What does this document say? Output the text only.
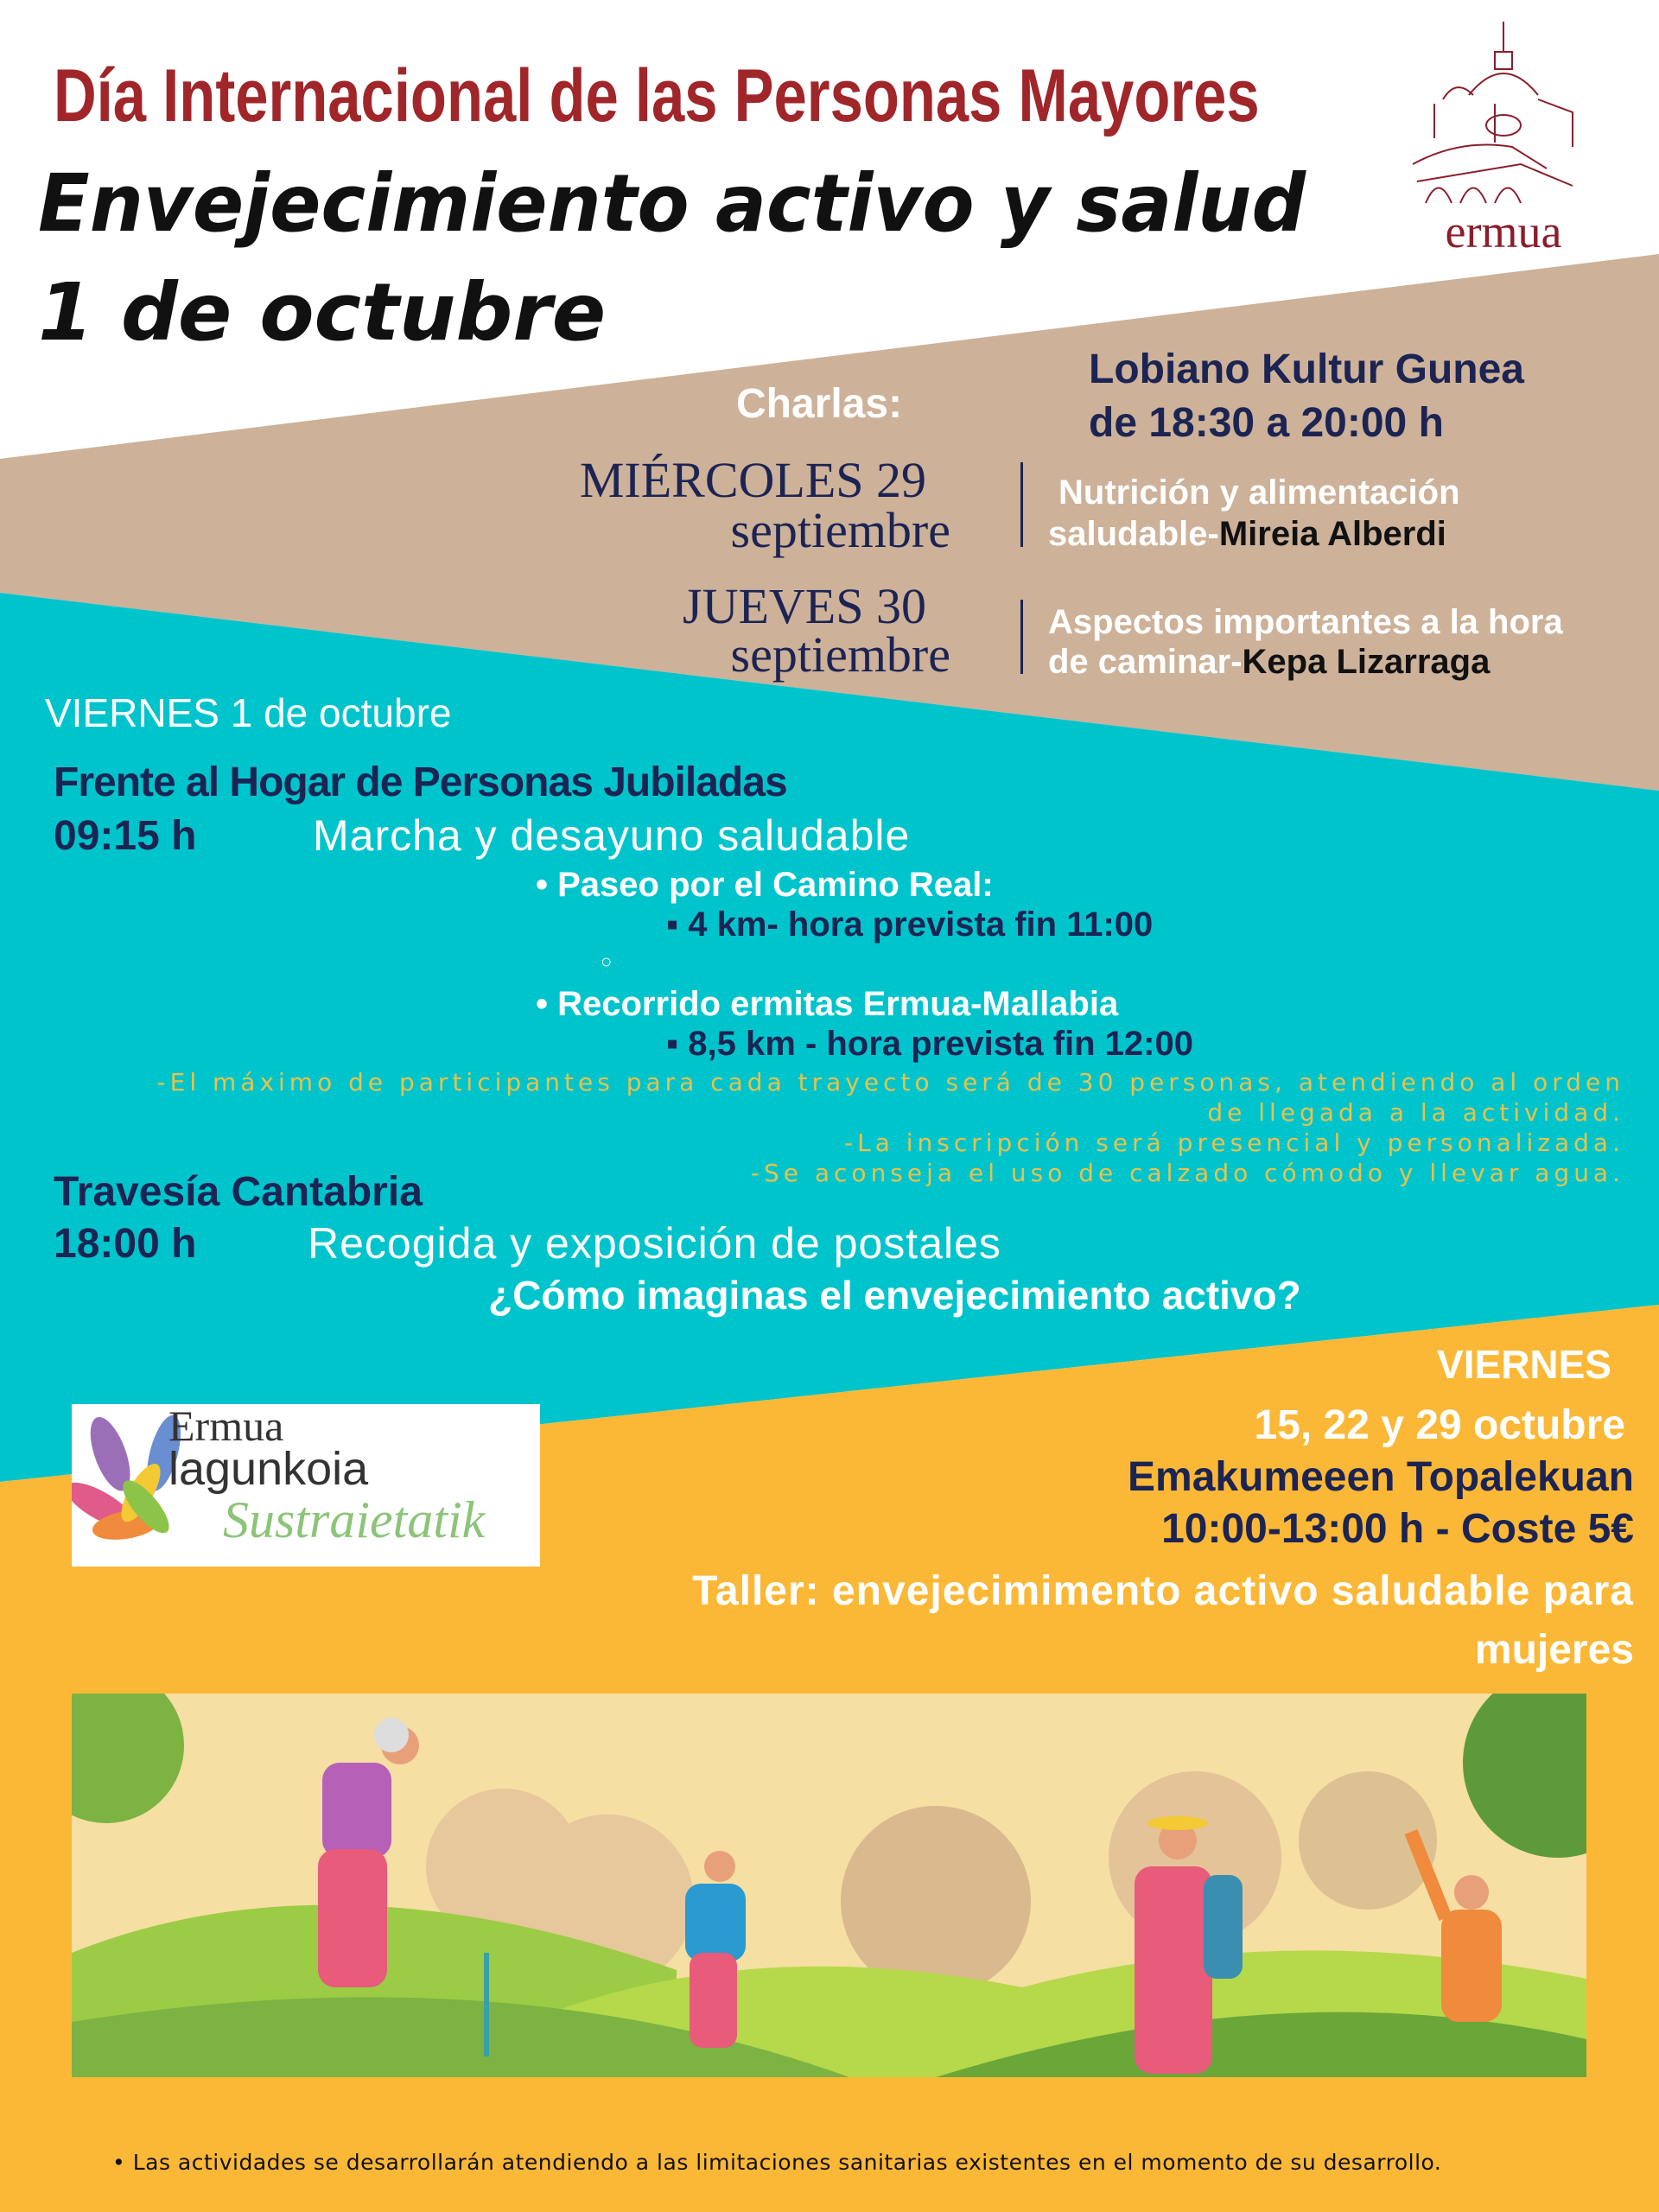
Día Internacional de las Personas Mayores
Envejecimiento activo y salud
1 de octubre
ermua
Charlas:
Lobiano Kultur Gunea
de 18:30 a 20:00 h
MIÉRCOLES 29
septiembre
Nutrición y alimentación
saludable-Mireia Alberdi
JUEVES 30
septiembre
Aspectos importantes a la hora
de caminar-Kepa Lizarraga
VIERNES 1 de octubre
Frente al Hogar de Personas Jubiladas
09:15 h	Marcha y desayuno saludable
• Paseo por el Camino Real:
▪ 4 km- hora prevista fin 11:00
○
• Recorrido ermitas Ermua-Mallabia
▪ 8,5 km - hora prevista fin 12:00
-El máximo de participantes para cada trayecto será de 30 personas, atendiendo al orden
de llegada a la actividad.
-La inscripción será presencial y personalizada.
-Se aconseja el uso de calzado cómodo y llevar agua.
Travesía Cantabria
18:00 h	Recogida y exposición de postales
¿Cómo imaginas el envejecimiento activo?
VIERNES
15, 22 y 29 octubre
Emakumeeen Topalekuan
10:00-13:00 h - Coste 5€
Taller: envejecimimento activo saludable para
mujeres
Ermua
lagunkoia
Sustraietatik
• Las actividades se desarrollarán atendiendo a las limitaciones sanitarias existentes en el momento de su desarrollo.
